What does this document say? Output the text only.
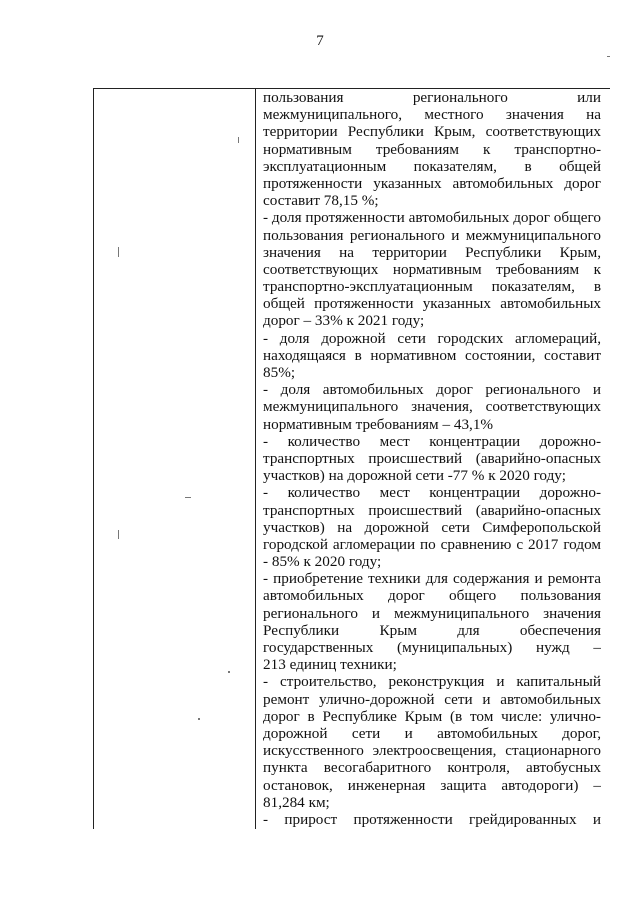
7
пользования регионального или
межмуниципального, местного значения на
территории Республики Крым, соответствующих
нормативным требованиям к транспортно-
эксплуатационным показателям, в общей
протяженности указанных автомобильных дорог
составит 78,15 %;
- доля протяженности автомобильных дорог общего
пользования регионального и межмуниципального
значения на территории Республики Крым,
соответствующих нормативным требованиям к
транспортно-эксплуатационным показателям, в
общей протяженности указанных автомобильных
дорог – 33% к 2021 году;
- доля дорожной сети городских агломераций,
находящаяся в нормативном состоянии, составит
85%;
- доля автомобильных дорог регионального и
межмуниципального значения, соответствующих
нормативным требованиям – 43,1%
- количество мест концентрации дорожно-
транспортных происшествий (аварийно-опасных
участков) на дорожной сети -77 % к 2020 году;
- количество мест концентрации дорожно-
транспортных происшествий (аварийно-опасных
участков) на дорожной сети Симферопольской
городской агломерации по сравнению с 2017 годом
- 85% к 2020 году;
- приобретение техники для содержания и ремонта
автомобильных дорог общего пользования
регионального и межмуниципального значения
Республики Крым для обеспечения
государственных (муниципальных) нужд –
213 единиц техники;
- строительство, реконструкция и капитальный
ремонт улично-дорожной сети и автомобильных
дорог в Республике Крым (в том числе: улично-
дорожной сети и автомобильных дорог,
искусственного электроосвещения, стационарного
пункта весогабаритного контроля, автобусных
остановок, инженерная защита автодороги) –
81,284 км;
- прирост протяженности грейдированных и
